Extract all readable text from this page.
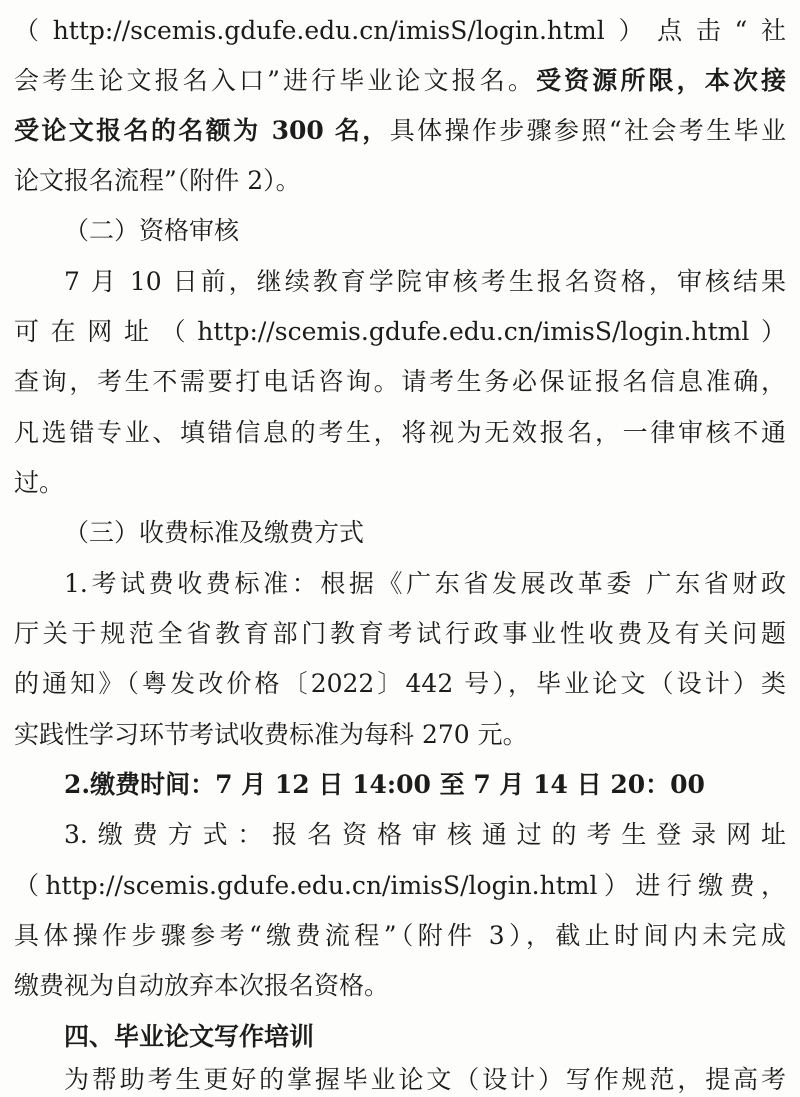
（http://scemis.gdufe.edu.cn/imisS/login.html）点击“社
会考生论文报名入口”进行毕业论文报名。受资源所限，本次接
受论文报名的名额为 300 名，具体操作步骤参照“社会考生毕业
论文报名流程”（附件 2）。
（二）资格审核
7 月 10 日前，继续教育学院审核考生报名资格，审核结果
可在网址（http://scemis.gdufe.edu.cn/imisS/login.html）
查询，考生不需要打电话咨询。请考生务必保证报名信息准确，
凡选错专业、填错信息的考生，将视为无效报名，一律审核不通
过。
（三）收费标准及缴费方式
1.考试费收费标准：根据《广东省发展改革委 广东省财政
厅关于规范全省教育部门教育考试行政事业性收费及有关问题
的通知》（粤发改价格〔2022〕442 号），毕业论文（设计）类
实践性学习环节考试收费标准为每科 270 元。
2.缴费时间：7 月 12 日 14:00 至 7 月 14 日 20：00
3.缴费方式：报名资格审核通过的考生登录网址
（http://scemis.gdufe.edu.cn/imisS/login.html）进行缴费，
具体操作步骤参考“缴费流程”（附件 3），截止时间内未完成
缴费视为自动放弃本次报名资格。
四、毕业论文写作培训
为帮助考生更好的掌握毕业论文（设计）写作规范，提高考
